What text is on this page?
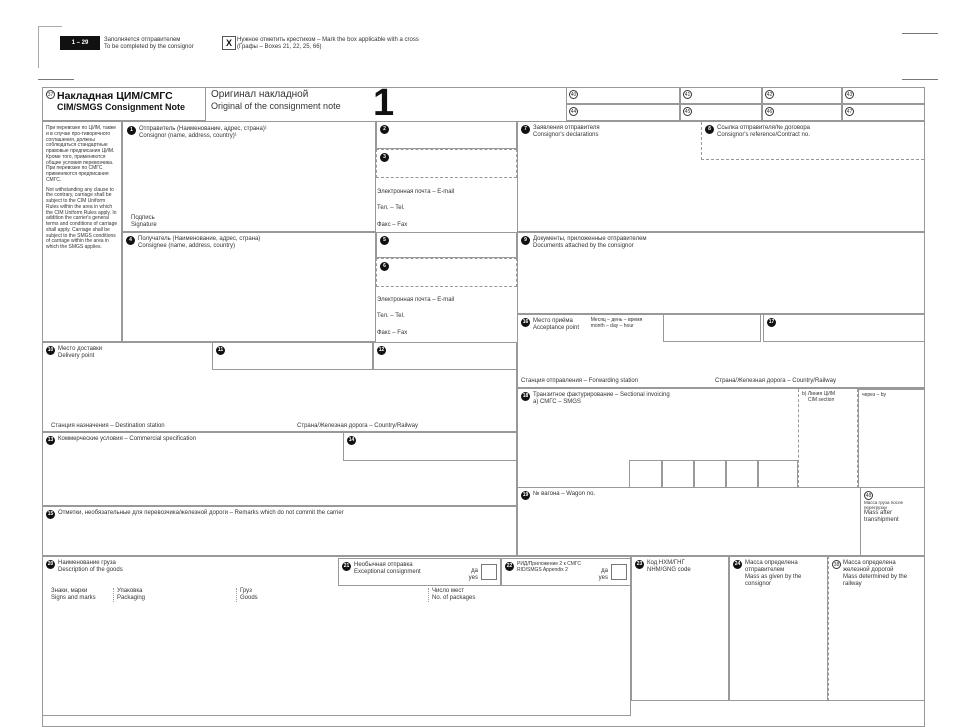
1 – 29	Заполняется отправителем
To be completed by the consignor	X Нужное отметить крестиком – Mark the box applicable with a cross
(Графы – Boxes 21, 22, 25, 66)
37 Накладная ЦИМ/СМГС
CIM/SMGS Consignment Note
Оригинал накладной
Original of the consignment note 1	40	41	42	43
44	45	46	47
При перевозке по ЦИМ, также и в случае про-тиворечного соглашения, должны соблюдаться стандартные правовые предписания ЦИМ. Кроме того, применяются общие условия перевозчика. При перевозке по СМГС применяются предписания СМГС.
Not withstanding any clause to the contrary, carriage shall be subject to the CIM Uniform Rules within the area in which the CIM Uniform Rules apply. In addition the carrier's general terms and conditions of carriage shall apply. Carriage shall be subject to the SMGS conditions of carriage within the area in which the SMGS applies.
1 Отправитель (Наименование, адрес, страна)¹
Consignor (name, address, country)¹
Подпись
Signature
2
3
Электронная почта – E-mail
Тел. – Tel.
Факс – Fax
4 Получатель (Наименование, адрес, страна)
Consignee (name, address, country)
5
6
Электронная почта – E-mail
Тел. – Tel.
Факс – Fax
7 Заявления отправителя
Consignor's declarations
8 Ссылка отправителя/№ договора
Consignor's reference/Contract no.
9 Документы, приложенные отправителем
Documents attached by the consignor
16 Место приёма
Acceptance point

Месяц – день – время
month – day – hour
17
Станция отправления – Forwarding station	Страна/Железная дорога – Country/Railway
18 Транзитное фактурирование – Sectional invoicing
a) СМГС – SMGS
b) Линия ЦИМ
CIM section
через – by
19 № вагона – Wagon no.	48
Масса груза после перегрузки
Mass after transhipment
10 Место доставки
Delivery point
11	12
Станция назначения – Destination station	Страна/Железная дорога – Country/Railway
13 Коммерческие условия – Commercial specification	14
15 Отметки, необязательные для перевозчика/железной дороги – Remarks which do not commit the carrier
20 Наименование груза
Description of the goods
Знаки, марки
Signs and marks
Упаковка
Packaging
Груз
Goods
Число мест
No. of packages
21 Необычная отправка
Exceptional consignment	да
yes
22 РИД/Приложение 2 к СМГС
RID/SMGS Appendix 2	да
yes
23 Код НХМ/ГНГ
NHM/GNG code
24 Масса определена отправителем
Mass as given by the consignor
38 Масса определена железной дорогой
Mass determined by the railway
